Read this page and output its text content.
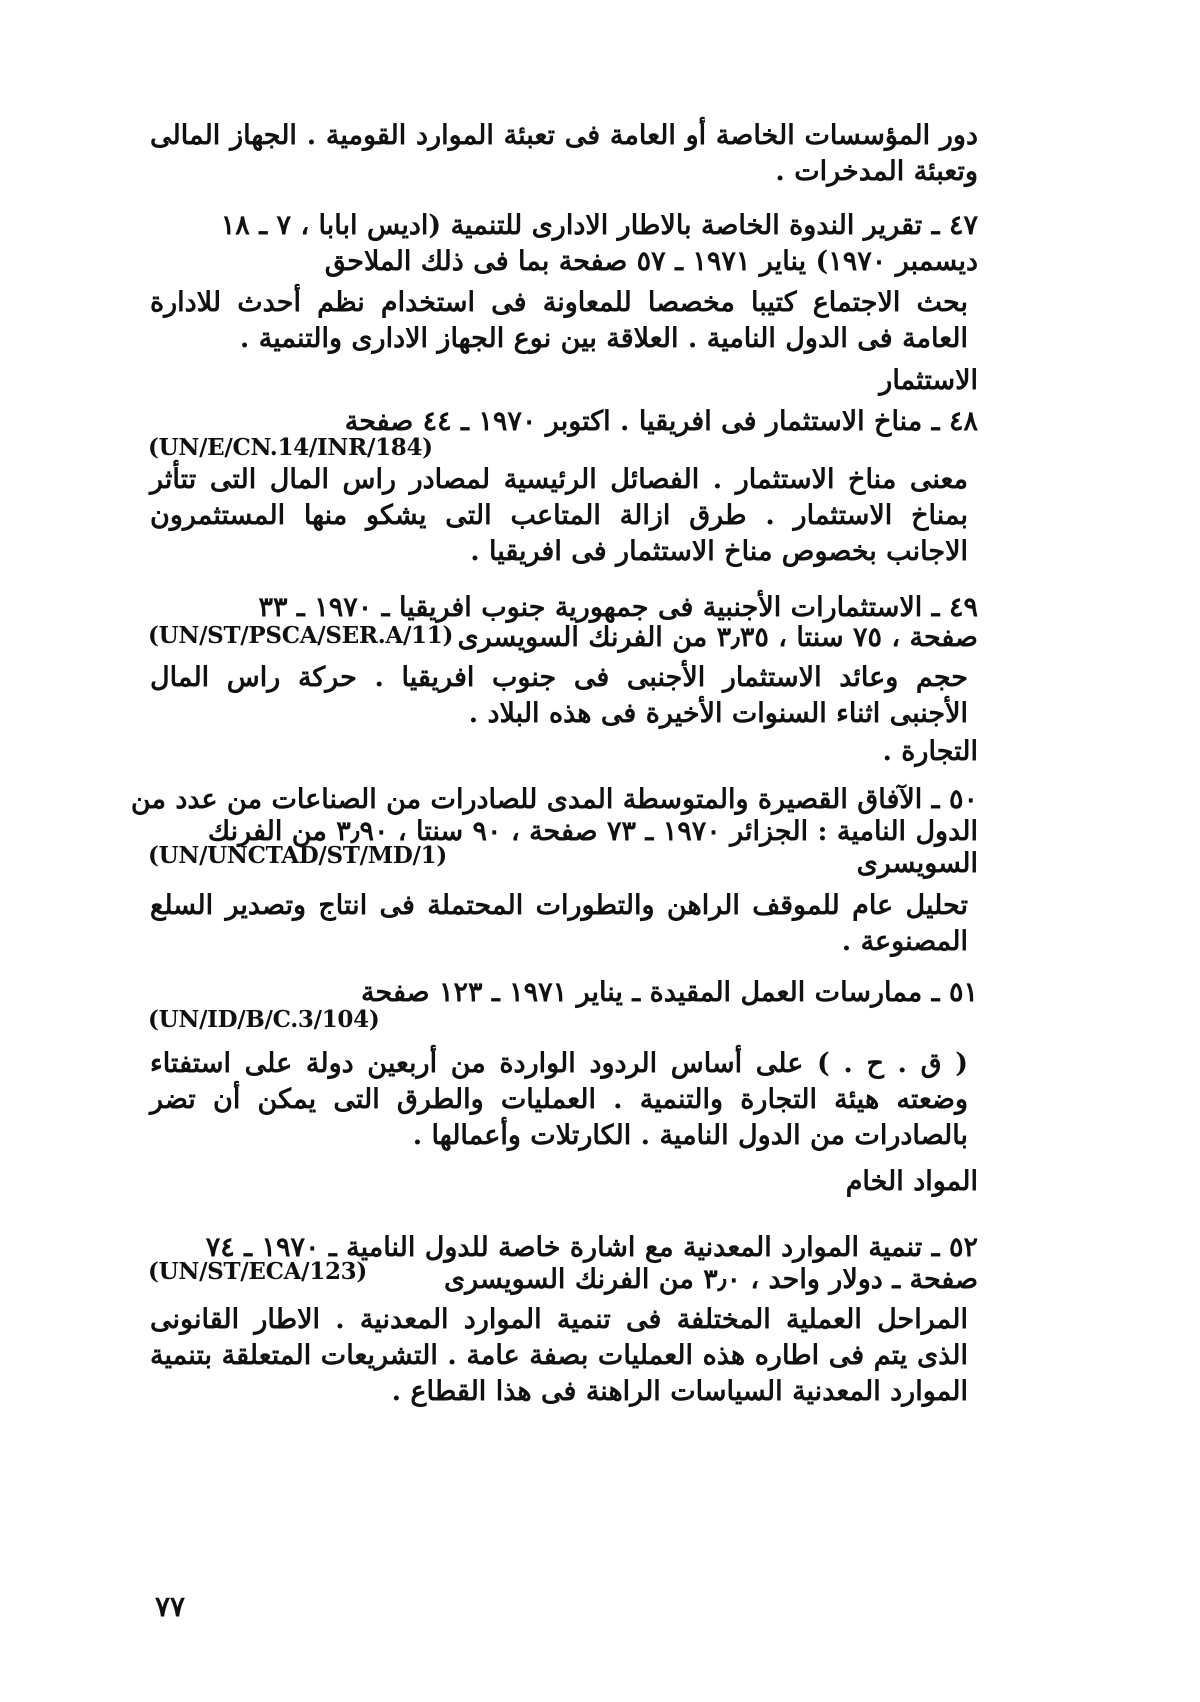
دور المؤسسات الخاصة أو العامة فى تعبئة الموارد القومية . الجهاز المالى وتعبئة المدخرات .

٤٧ ـ تقرير الندوة الخاصة بالاطار الادارى للتنمية (اديس ابابا ، ٧ ـ ١٨

ديسمبر ١٩٧٠) يناير ١٩٧١ ـ ٥٧ صفحة بما فى ذلك الملاحق

بحث الاجتماع كتيبا مخصصا للمعاونة فى استخدام نظم أحدث للادارة العامة فى الدول النامية . العلاقة بين نوع الجهاز الادارى والتنمية .

الاستثمار

٤٨ ـ مناخ الاستثمار فى افريقيا . اكتوبر ١٩٧٠ ـ ٤٤ صفحة

(UN/E/CN.14/INR/184)

معنى مناخ الاستثمار . الفصائل الرئيسية لمصادر راس المال التى تتأثر بمناخ الاستثمار . طرق ازالة المتاعب التى يشكو منها المستثمرون الاجانب بخصوص مناخ الاستثمار فى افريقيا .

٤٩ ـ الاستثمارات الأجنبية فى جمهورية جنوب افريقيا ـ ١٩٧٠ ـ ٣٣

صفحة ، ٧٥ سنتا ، ٣٫٣٥ من الفرنك السويسرى

(UN/ST/PSCA/SER.A/11)

حجم وعائد الاستثمار الأجنبى فى جنوب افريقيا . حركة راس المال الأجنبى اثناء السنوات الأخيرة فى هذه البلاد .

التجارة .

٥٠ ـ الآفاق القصيرة والمتوسطة المدى للصادرات من الصناعات من عدد من

الدول النامية : الجزائر ١٩٧٠ ـ ٧٣ صفحة ، ٩٠ سنتا ، ٣٫٩٠ من الفرنك

السويسرى

(UN/UNCTAD/ST/MD/1)

تحليل عام للموقف الراهن والتطورات المحتملة فى انتاج وتصدير السلع المصنوعة .

٥١ ـ ممارسات العمل المقيدة ـ يناير ١٩٧١ ـ ١٢٣ صفحة

(UN/ID/B/C.3/104)

( ق . ح . ) على أساس الردود الواردة من أربعين دولة على استفتاء وضعته هيئة التجارة والتنمية . العمليات والطرق التى يمكن أن تضر بالصادرات من الدول النامية . الكارتلات وأعمالها .

المواد الخام

٥٢ ـ تنمية الموارد المعدنية مع اشارة خاصة للدول النامية ـ ١٩٧٠ ـ ٧٤

صفحة ـ دولار واحد ، ٣٫٠ من الفرنك السويسرى

(UN/ST/ECA/123)

المراحل العملية المختلفة فى تنمية الموارد المعدنية . الاطار القانونى الذى يتم فى اطاره هذه العمليات بصفة عامة . التشريعات المتعلقة بتنمية الموارد المعدنية السياسات الراهنة فى هذا القطاع .

٧٧
